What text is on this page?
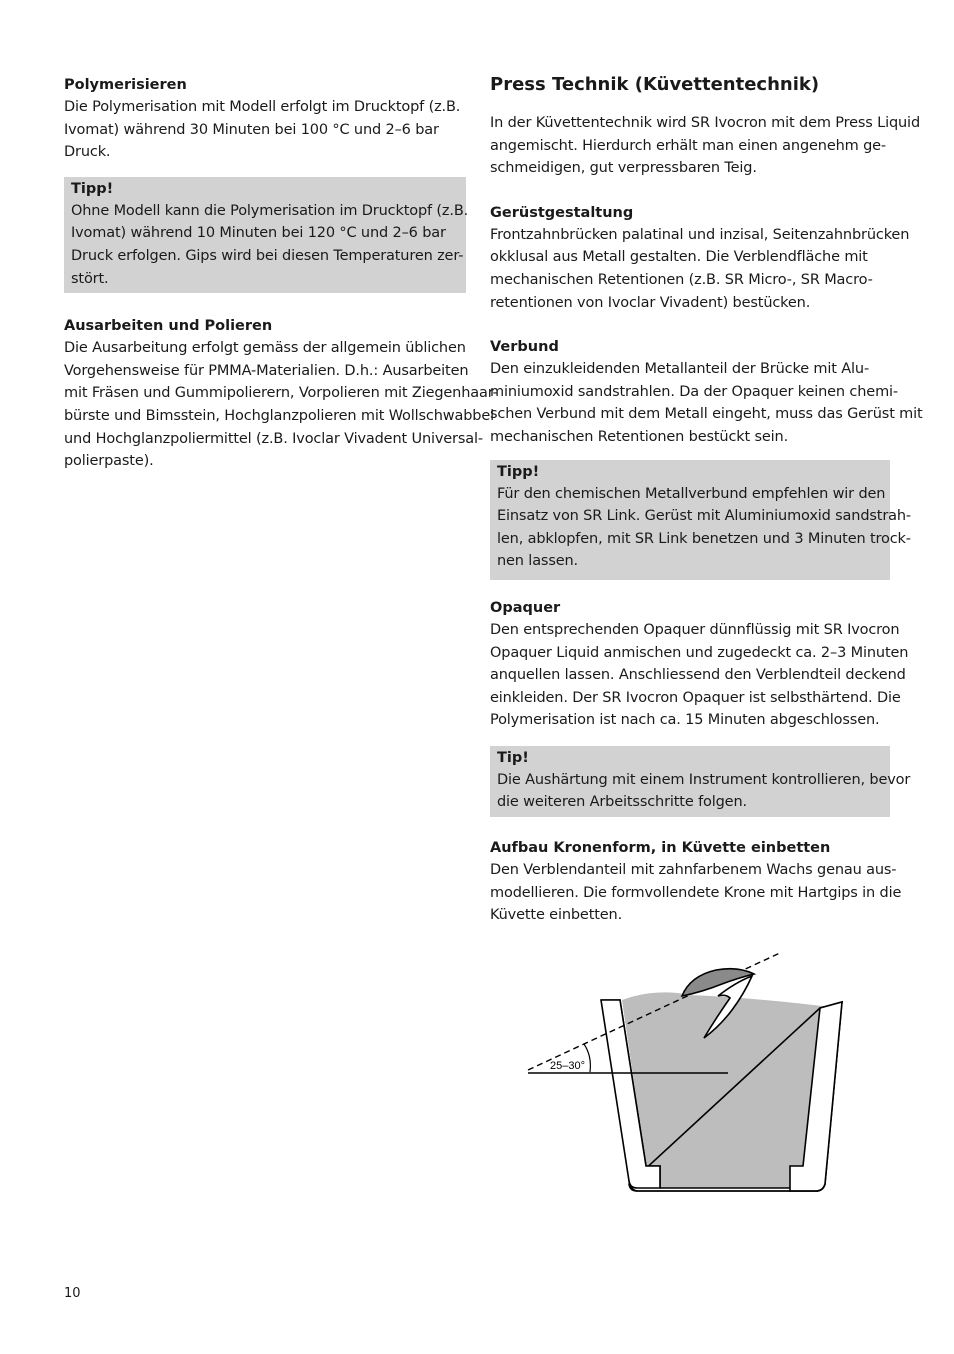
Polymerisieren

Die Polymerisation mit Modell erfolgt im Drucktopf (z.B.
Ivomat) während 30 Minuten bei 100 °C und 2–6 bar
Druck.

Tipp!

Ohne Modell kann die Polymerisation im Drucktopf (z.B.
Ivomat) während 10 Minuten bei 120 °C und 2–6 bar
Druck erfolgen. Gips wird bei diesen Temperaturen zer-
stört.

Ausarbeiten und Polieren

Die Ausarbeitung erfolgt gemäss der allgemein üblichen
Vorgehensweise für PMMA-Materialien. D.h.: Ausarbeiten
mit Fräsen und Gummipolierern, Vorpolieren mit Ziegenhaar-
bürste und Bimsstein, Hochglanzpolieren mit Wollschwabbel
und Hochglanzpoliermittel (z.B. Ivoclar Vivadent Universal-
polierpaste).

Press Technik (Küvettentechnik)

In der Küvettentechnik wird SR Ivocron mit dem Press Liquid
angemischt. Hierdurch erhält man einen angenehm ge-
schmeidigen, gut verpressbaren Teig.

Gerüstgestaltung

Frontzahnbrücken palatinal und inzisal, Seitenzahnbrücken
okklusal aus Metall gestalten. Die Verblendfläche mit
mechanischen Retentionen (z.B. SR Micro-, SR Macro-
retentionen von Ivoclar Vivadent) bestücken.

Verbund

Den einzukleidenden Metallanteil der Brücke mit Alu-
miniumoxid sandstrahlen. Da der Opaquer keinen chemi-
schen Verbund mit dem Metall eingeht, muss das Gerüst mit
mechanischen Retentionen bestückt sein.

Tipp!

Für den chemischen Metallverbund empfehlen wir den
Einsatz von SR Link. Gerüst mit Aluminiumoxid sandstrah-
len, abklopfen, mit SR Link benetzen und 3 Minuten trock-
nen lassen.

Opaquer

Den entsprechenden Opaquer dünnflüssig mit SR Ivocron
Opaquer Liquid anmischen und zugedeckt ca. 2–3 Minuten
anquellen lassen. Anschliessend den Verblendteil deckend
einkleiden. Der SR Ivocron Opaquer ist selbsthärtend. Die
Polymerisation ist nach ca. 15 Minuten abgeschlossen.

Tip!

Die Aushärtung mit einem Instrument kontrollieren, bevor
die weiteren Arbeitsschritte folgen.

Aufbau Kronenform, in Küvette einbetten

Den Verblendanteil mit zahnfarbenem Wachs genau aus-
modellieren. Die formvollendete Krone mit Hartgips in die
Küvette einbetten.

25–30°
10
